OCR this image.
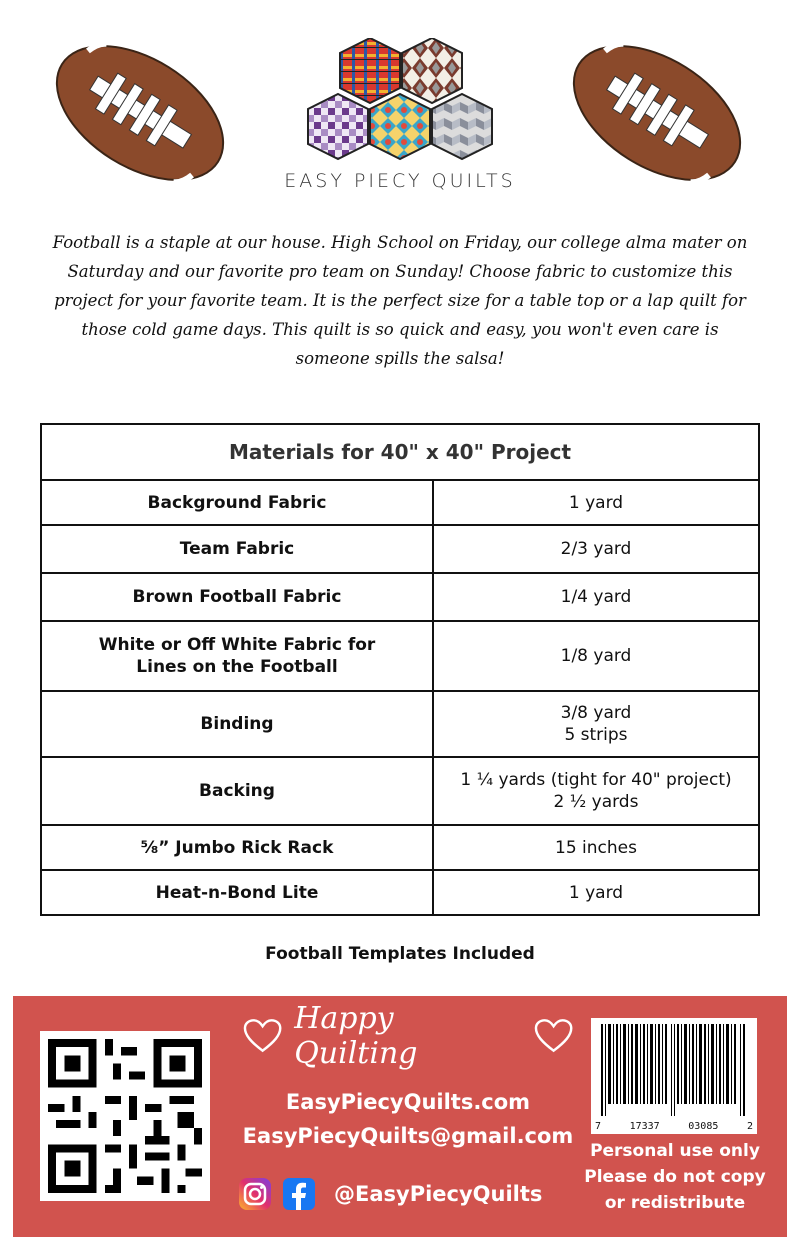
EASY PIECY QUILTS
Football is a staple at our house. High School on Friday, our college alma mater on
Saturday and our favorite pro team on Sunday! Choose fabric to customize this
project for your favorite team. It is the perfect size for a table top or a lap quilt for
those cold game days. This quilt is so quick and easy, you won't even care is
someone spills the salsa!
Materials for 40" x 40" Project	

Background Fabric	1 yard

Team Fabric	2/3 yard

Brown Football Fabric	1/4 yard

White or Off White Fabric for
Lines on the Football	1/8 yard

Binding	3/8 yard
5 strips

Backing	1 ¼ yards (tight for 40" project)
2 ½ yards

⅝” Jumbo Rick Rack	15 inches

Heat-n-Bond Lite	1 yard
Football Templates Included
Happy Quilting
EasyPiecyQuilts.com
EasyPiecyQuilts@gmail.com
@EasyPiecyQuilts
7	17337	03085	2
Personal use only
Please do not copy
or redistribute
